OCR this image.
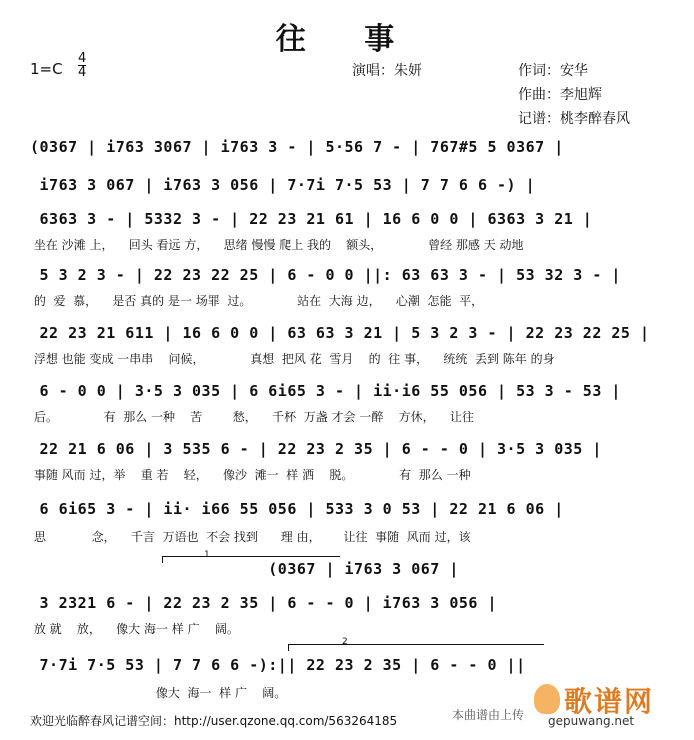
往 事
1=C
4
4	演唱：朱妍	作词：安华
作曲：李旭辉
记谱：桃李醉春风
(0367 | i763 3067 | i763 3 - | 5·56 7 - | 767#5 5 0367 |
i763 3 067 | i763 3 056 | 7·7i 7·5 53 | 7 7 6 6 -) |
6363 3 - | 5332 3 - | 22 23 21 61 | 16 6 0 0 | 6363 3 21 |
坐在 沙滩 上，    回头 看远 方，    思绪 慢慢 爬上 我的    额头，            曾经 那感 天 动地
5 3 2 3 - | 22 23 22 25 | 6 - 0 0 ||: 63 63 3 - | 53 32 3 - |
的  爱  慕，    是否 真的 是一 场罪  过。            站在  大海 边，    心潮  怎能  平，
22 23 21 611 | 16 6 0 0 | 63 63 3 21 | 5 3 2 3 - | 22 23 22 25 |
浮想 也能 变成 一串串    问候，            真想  把风 花  雪月    的  往 事，    统统  丢到 陈年 的身
6 - 0 0 | 3·5 3 035 | 6 6i65 3 - | ii·i6 55 056 | 53 3 - 53 |
后。            有  那么 一种    苦        愁，    千杯  万盏 才会 一醉    方休，    让往
22 21 6 06 | 3 535 6 - | 22 23 2 35 | 6 - - 0 | 3·5 3 035 |
事随 风而 过，举    重 若    轻，    像沙  滩一  样 洒    脱。            有  那么 一种
6 6i65 3 - | ii· i66 55 056 | 533 3 0 53 | 22 21 6 06 |
思            念，    千言  万语也  不会 找到      理 由，      让往  事随  风而 过，该
1
(0367 | i763 3 067 |
3 2321 6 - | 22 23 2 35 | 6 - - 0 | i763 3 056 |
放 就    放，    像大 海一 样 广    阔。
2
7·7i 7·5 53 | 7 7 6 6 -):|| 22 23 2 35 | 6 - - 0 ||
像大  海一  样 广    阔。
欢迎光临醉春风记谱空间：http://user.qzone.qq.com/563264185	本曲谱由上传 歌谱网
gepuwang.net
